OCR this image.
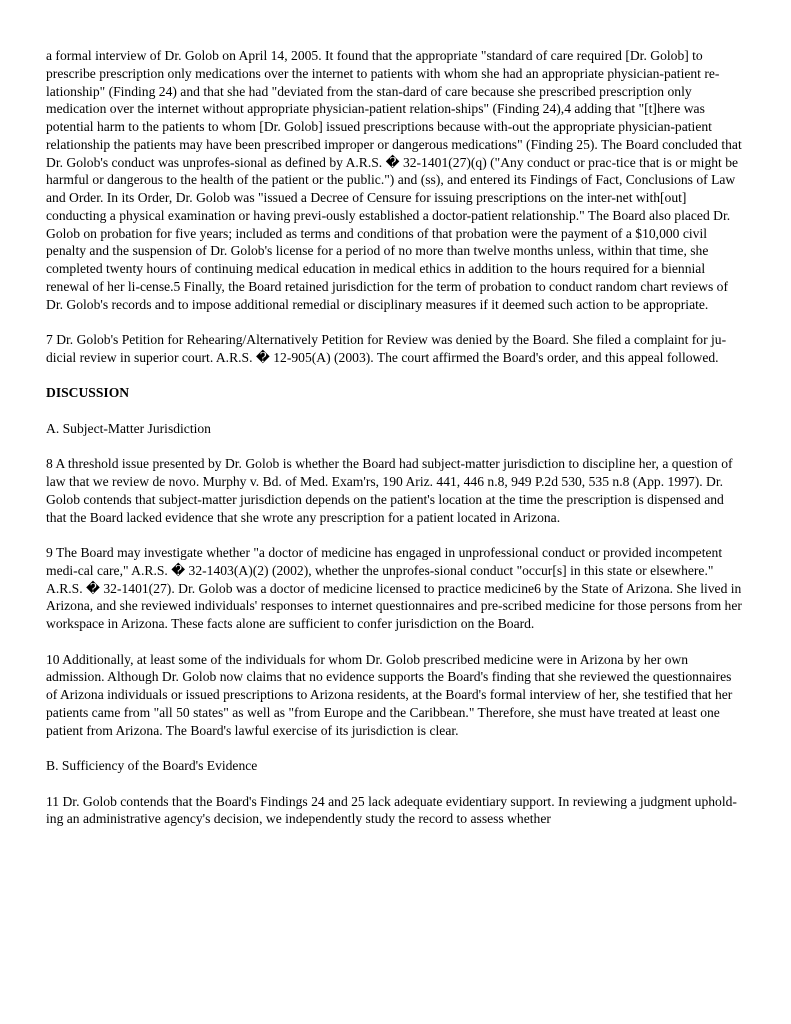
a formal interview of Dr. Golob on April 14, 2005. It found that the appropriate "standard of care required [Dr. Golob] to prescribe prescription only medications over the internet to patients with whom she had an appropriate physician-patient re-lationship" (Finding 24) and that she had "deviated from the stan-dard of care because she prescribed prescription only medication over the internet without appropriate physician-patient relation-ships" (Finding 24),4 adding that "[t]here was potential harm to the patients to whom [Dr. Golob] issued prescriptions because with-out the appropriate physician-patient relationship the patients may have been prescribed improper or dangerous medications" (Finding 25). The Board concluded that Dr. Golob's conduct was unprofes-sional as defined by A.R.S. � 32-1401(27)(q) ("Any conduct or prac-tice that is or might be harmful or dangerous to the health of the patient or the public.") and (ss), and entered its Findings of Fact, Conclusions of Law and Order. In its Order, Dr. Golob was "issued a Decree of Censure for issuing prescriptions on the inter-net with[out] conducting a physical examination or having previ-ously established a doctor-patient relationship." The Board also placed Dr. Golob on probation for five years; included as terms and conditions of that probation were the payment of a $10,000 civil penalty and the suspension of Dr. Golob's license for a period of no more than twelve months unless, within that time, she completed twenty hours of continuing medical education in medical ethics in addition to the hours required for a biennial renewal of her li-cense.5 Finally, the Board retained jurisdiction for the term of probation to conduct random chart reviews of Dr. Golob's records and to impose additional remedial or disciplinary measures if it deemed such action to be appropriate.

7 Dr. Golob's Petition for Rehearing/Alternatively Petition for Review was denied by the Board. She filed a complaint for ju-dicial review in superior court. A.R.S. � 12-905(A) (2003). The court affirmed the Board's order, and this appeal followed.

DISCUSSION

A. Subject-Matter Jurisdiction

8 A threshold issue presented by Dr. Golob is whether the Board had subject-matter jurisdiction to discipline her, a question of law that we review de novo. Murphy v. Bd. of Med. Exam'rs, 190 Ariz. 441, 446 n.8, 949 P.2d 530, 535 n.8 (App. 1997). Dr. Golob contends that subject-matter jurisdiction depends on the patient's location at the time the prescription is dispensed and that the Board lacked evidence that she wrote any prescription for a patient located in Arizona.

9 The Board may investigate whether "a doctor of medicine has engaged in unprofessional conduct or provided incompetent medi-cal care," A.R.S. � 32-1403(A)(2) (2002), whether the unprofes-sional conduct "occur[s] in this state or elsewhere." A.R.S. � 32-1401(27). Dr. Golob was a doctor of medicine licensed to practice medicine6 by the State of Arizona. She lived in Arizona, and she reviewed individuals' responses to internet questionnaires and pre-scribed medicine for those persons from her workspace in Arizona. These facts alone are sufficient to confer jurisdiction on the Board.

10 Additionally, at least some of the individuals for whom Dr. Golob prescribed medicine were in Arizona by her own admission. Although Dr. Golob now claims that no evidence supports the Board's finding that she reviewed the questionnaires of Arizona individuals or issued prescriptions to Arizona residents, at the Board's formal interview of her, she testified that her patients came from "all 50 states" as well as "from Europe and the Caribbean." Therefore, she must have treated at least one patient from Arizona. The Board's lawful exercise of its jurisdiction is clear.

B. Sufficiency of the Board's Evidence

11 Dr. Golob contends that the Board's Findings 24 and 25 lack adequate evidentiary support. In reviewing a judgment uphold-ing an administrative agency's decision, we independently study the record to assess whether
